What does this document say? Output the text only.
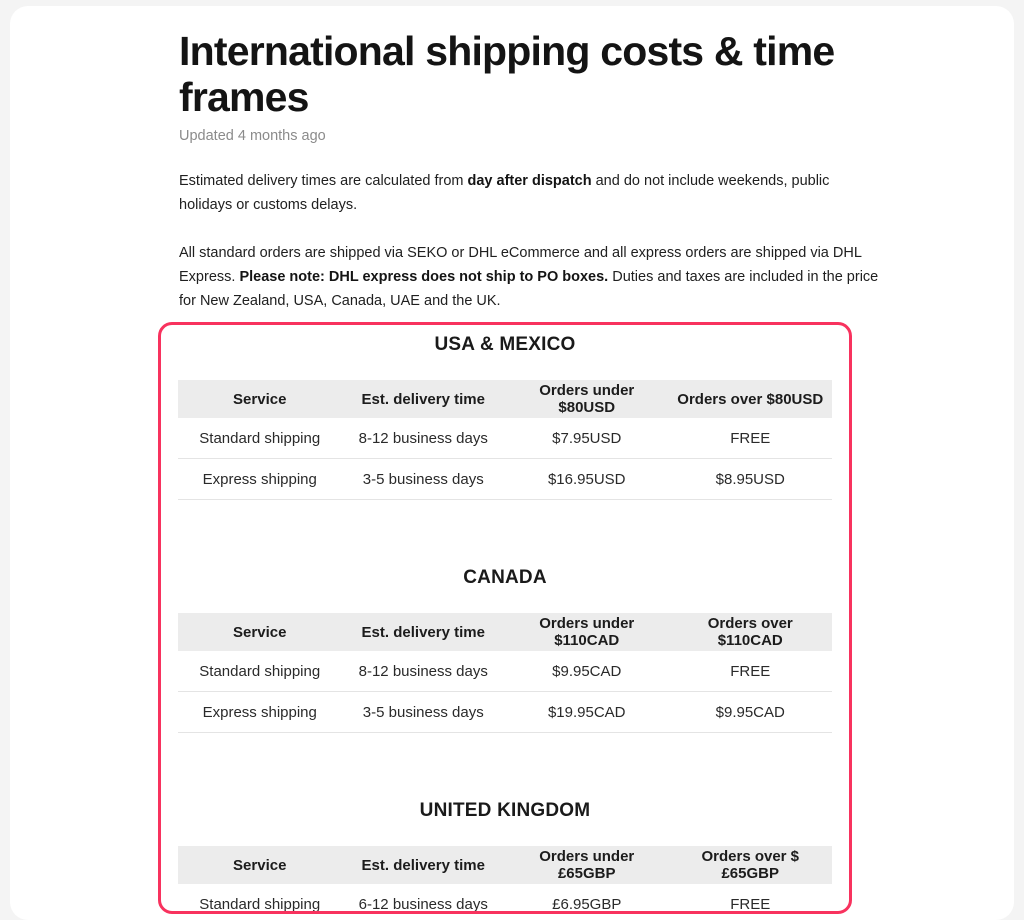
International shipping costs & time frames
Updated 4 months ago

Estimated delivery times are calculated from day after dispatch and do not include weekends, public holidays or customs delays.

All standard orders are shipped via SEKO or DHL eCommerce and all express orders are shipped via DHL Express. Please note: DHL express does not ship to PO boxes. Duties and taxes are included in the price for New Zealand, USA, Canada, UAE and the UK.

USA & MEXICO
Service	Est. delivery time	Orders under $80USD	Orders over $80USD
Standard shipping	8-12 business days	$7.95USD	FREE
Express shipping	3-5 business days	$16.95USD	$8.95USD
CANADA
Service	Est. delivery time	Orders under $110CAD	Orders over $110CAD
Standard shipping	8-12 business days	$9.95CAD	FREE
Express shipping	3-5 business days	$19.95CAD	$9.95CAD
UNITED KINGDOM
Service	Est. delivery time	Orders under £65GBP	Orders over $£65GBP
Standard shipping	6-12 business days	£6.95GBP	FREE
